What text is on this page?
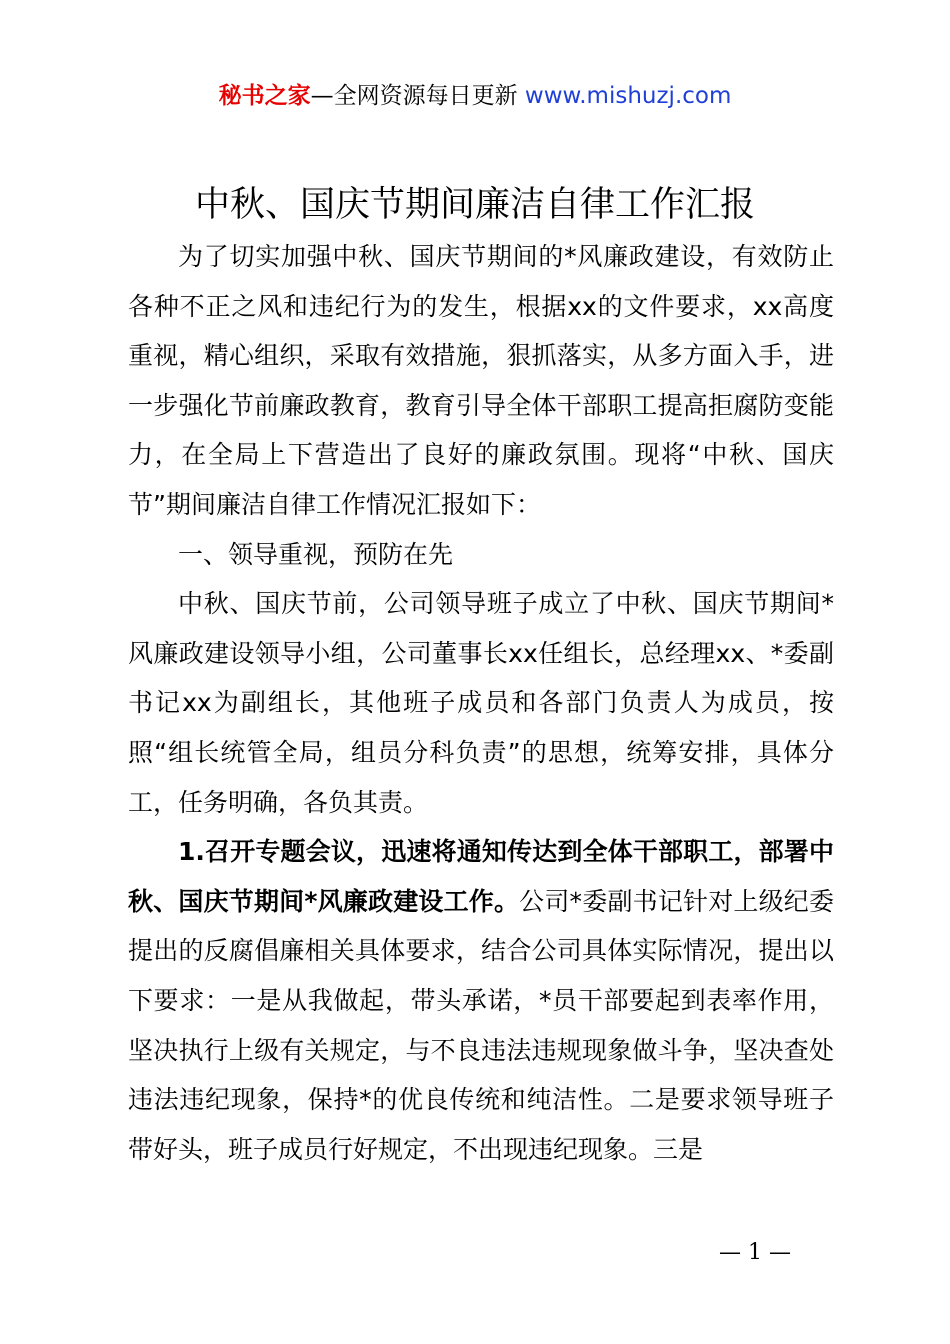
秘书之家—全网资源每日更新 www.mishuzj.com
中秋、国庆节期间廉洁自律工作汇报

为了切实加强中秋、国庆节期间的*风廉政建设，有效防止各种不正之风和违纪行为的发生，根据xx的文件要求，xx高度重视，精心组织，采取有效措施，狠抓落实，从多方面入手，进一步强化节前廉政教育，教育引导全体干部职工提高拒腐防变能力，在全局上下营造出了良好的廉政氛围。现将“中秋、国庆节”期间廉洁自律工作情况汇报如下：

一、领导重视，预防在先

中秋、国庆节前，公司领导班子成立了中秋、国庆节期间*风廉政建设领导小组，公司董事长xx任组长，总经理xx、*委副书记xx为副组长，其他班子成员和各部门负责人为成员，按照“组长统管全局，组员分科负责”的思想，统筹安排，具体分工，任务明确，各负其责。

1.召开专题会议，迅速将通知传达到全体干部职工，部署中秋、国庆节期间*风廉政建设工作。公司*委副书记针对上级纪委提出的反腐倡廉相关具体要求，结合公司具体实际情况，提出以下要求：一是从我做起，带头承诺，*员干部要起到表率作用，坚决执行上级有关规定，与不良违法违规现象做斗争，坚决查处违法违纪现象，保持*的优良传统和纯洁性。二是要求领导班子带好头，班子成员行好规定，不出现违纪现象。三是

— 1 —
